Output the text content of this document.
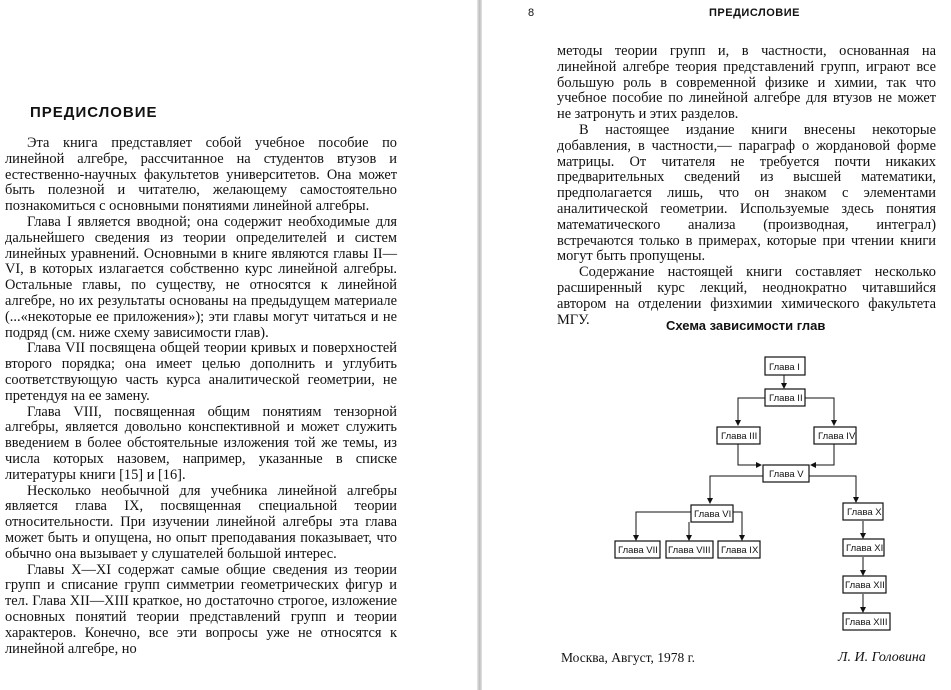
ПРЕДИСЛОВИЕ

Эта книга представляет собой учебное пособие по линейной алгебре, рассчитанное на студентов втузов и естественно-научных факультетов университетов. Она может быть полезной и читателю, желающему самостоятельно познакомиться с основными понятиями линейной алгебры.

Глава I является вводной; она содержит необходимые для дальнейшего сведения из теории определителей и систем линейных уравнений. Основными в книге являются главы II—VI, в которых излагается собственно курс линейной алгебры. Остальные главы, по существу, не относятся к линейной алгебре, но их результаты основаны на предыдущем материале (...«некоторые ее приложения»); эти главы могут читаться и не подряд (см. ниже схему зависимости глав).

Глава VII посвящена общей теории кривых и поверхностей второго порядка; она имеет целью дополнить и углубить соответствующую часть курса аналитической геометрии, не претендуя на ее замену.

Глава VIII, посвященная общим понятиям тензорной алгебры, является довольно конспективной и может служить введением в более обстоятельные изложения той же темы, из числа которых назовем, например, указанные в списке литературы книги [15] и [16].

Несколько необычной для учебника линейной алгебры является глава IX, посвященная специальной теории относительности. При изучении линейной алгебры эта глава может быть и опущена, но опыт преподавания показывает, что обычно она вызывает у слушателей большой интерес.

Главы X—XI содержат самые общие сведения из теории групп и списание групп симметрии геометрических фигур и тел. Глава XII—XIII краткое, но достаточно строгое, изложение основных понятий теории представлений групп и теории характеров. Конечно, все эти вопросы уже не относятся к линейной алгебре, но

8	ПРЕДИСЛОВИЕ

методы теории групп и, в частности, основанная на линейной алгебре теория представлений групп, играют все большую роль в современной физике и химии, так что учебное пособие по линейной алгебре для втузов не может не затронуть и этих разделов.

В настоящее издание книги внесены некоторые добавления, в частности,— параграф о жордановой форме матрицы. От читателя не требуется почти никаких предварительных сведений из высшей математики, предполагается лишь, что он знаком с элементами аналитической геометрии. Используемые здесь понятия математического анализа (производная, интеграл) встречаются только в примерах, которые при чтении книги могут быть пропущены.

Содержание настоящей книги составляет несколько расширенный курс лекций, неоднократно читавшийся автором на отделении физхимии химического факультета МГУ.	Схема зависимости глав
Глава I
Глава II
Глава III	Глава IV
Глава V
Глава VI
Глава VII Глава VIII Глава IX
Глава X
Глава XI
Глава XII
Глава XIII
Москва, Август, 1978 г.	Л. И. Головина
